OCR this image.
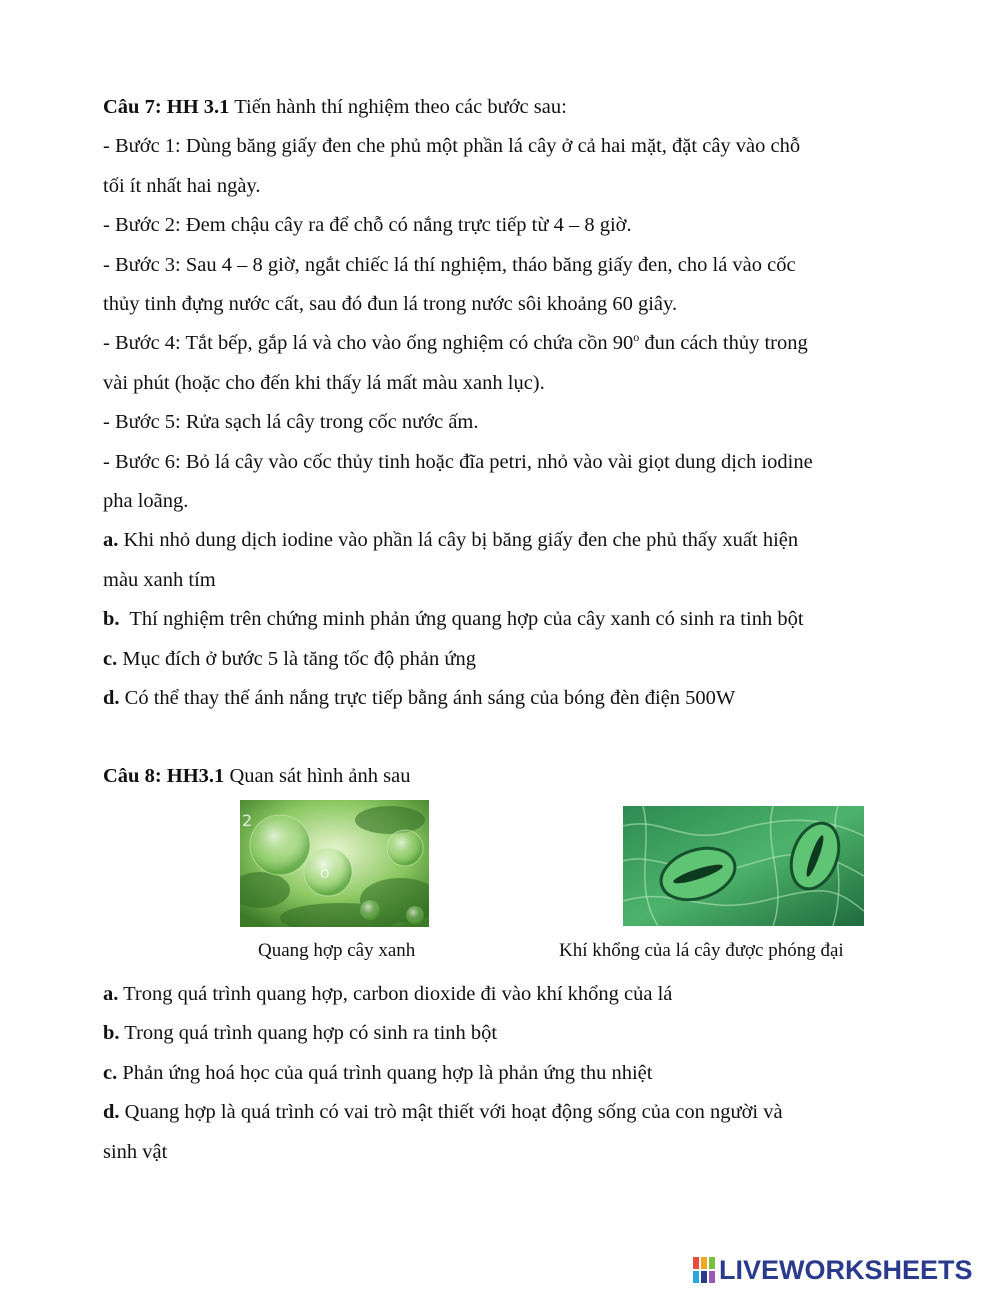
Câu 7: HH 3.1 Tiến hành thí nghiệm theo các bước sau:
- Bước 1: Dùng băng giấy đen che phủ một phần lá cây ở cả hai mặt, đặt cây vào chỗ
tối ít nhất hai ngày.
- Bước 2: Đem chậu cây ra để chỗ có nắng trực tiếp từ 4 – 8 giờ.
- Bước 3: Sau 4 – 8 giờ, ngắt chiếc lá thí nghiệm, tháo băng giấy đen, cho lá vào cốc
thủy tinh đựng nước cất, sau đó đun lá trong nước sôi khoảng 60 giây.
- Bước 4: Tắt bếp, gắp lá và cho vào ống nghiệm có chứa cồn 90$^o$ đun cách thủy trong
vài phút (hoặc cho đến khi thấy lá mất màu xanh lục).
- Bước 5: Rửa sạch lá cây trong cốc nước ấm.
- Bước 6: Bỏ lá cây vào cốc thủy tinh hoặc đĩa petri, nhỏ vào vài giọt dung dịch iodine
pha loãng.
a. Khi nhỏ dung dịch iodine vào phần lá cây bị băng giấy đen che phủ thấy xuất hiện
màu xanh tím
b.  Thí nghiệm trên chứng minh phản ứng quang hợp của cây xanh có sinh ra tinh bột
c. Mục đích ở bước 5 là tăng tốc độ phản ứng
d. Có thể thay thế ánh nắng trực tiếp bằng ánh sáng của bóng đèn điện 500W
Câu 8: HH3.1 Quan sát hình ảnh sau
2
O
Quang hợp cây xanh	Khí khổng của lá cây được phóng đại
a. Trong quá trình quang hợp, carbon dioxide đi vào khí khổng của lá
b. Trong quá trình quang hợp có sinh ra tinh bột
c. Phản ứng hoá học của quá trình quang hợp là phản ứng thu nhiệt
d. Quang hợp là quá trình có vai trò mật thiết với hoạt động sống của con người và
sinh vật
LIVEWORKSHEETS
